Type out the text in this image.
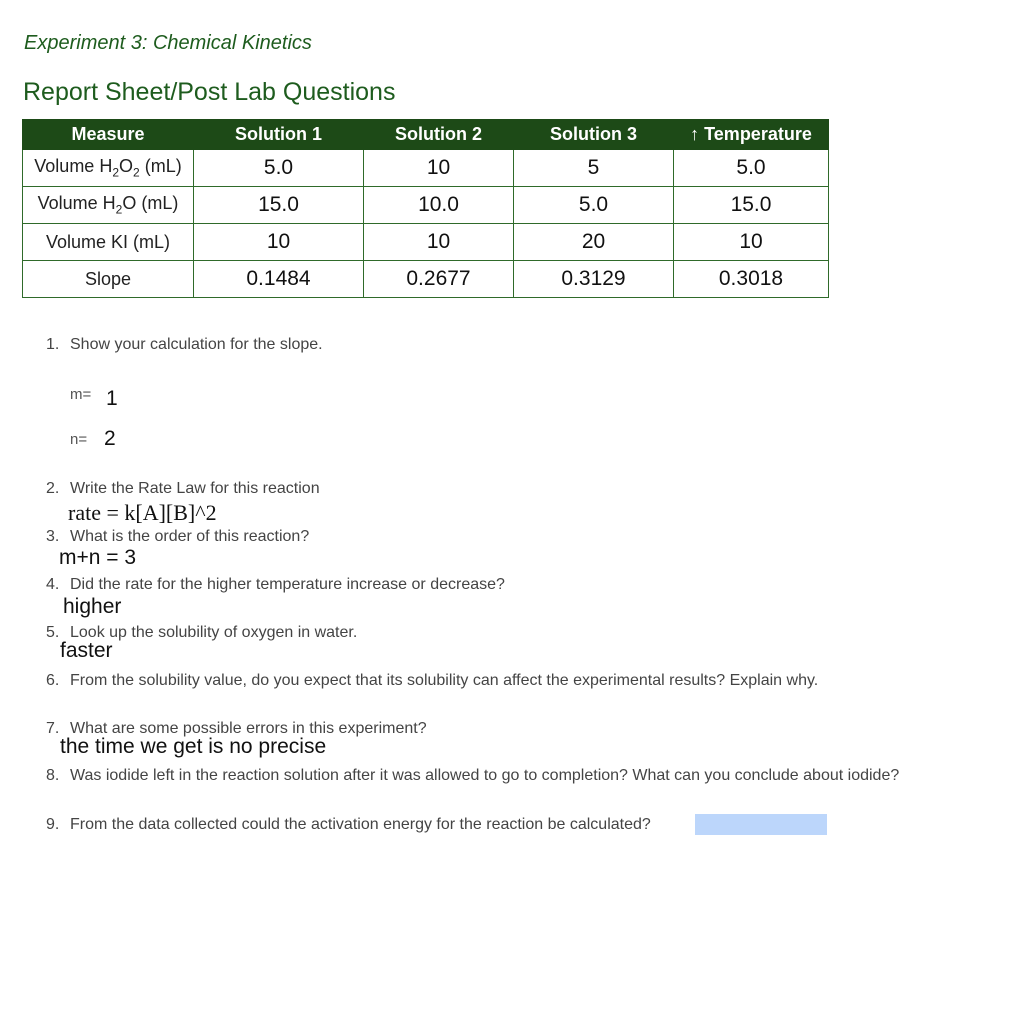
Experiment 3: Chemical Kinetics
Report Sheet/Post Lab Questions
Measure	Solution 1	Solution 2	Solution 3	↑ Temperature
Volume $H_2O_2$ (mL)	5.0	10	5	5.0
Volume $H_2O$ (mL)	15.0	10.0	5.0	15.0
Volume KI (mL)	10	10	20	10
Slope	0.1484	0.2677	0.3129	0.3018
1. Show your calculation for the slope.
m= 1
n= 2
2. Write the Rate Law for this reaction
rate = k[A][B]^2
3. What is the order of this reaction?
m+n = 3
4. Did the rate for the higher temperature increase or decrease?
higher
5. Look up the solubility of oxygen in water.
faster
6. From the solubility value, do you expect that its solubility can affect the experimental results? Explain why.
7. What are some possible errors in this experiment?
the time we get is no precise
8. Was iodide left in the reaction solution after it was allowed to go to completion? What can you conclude about iodide?
9. From the data collected could the activation energy for the reaction be calculated?
